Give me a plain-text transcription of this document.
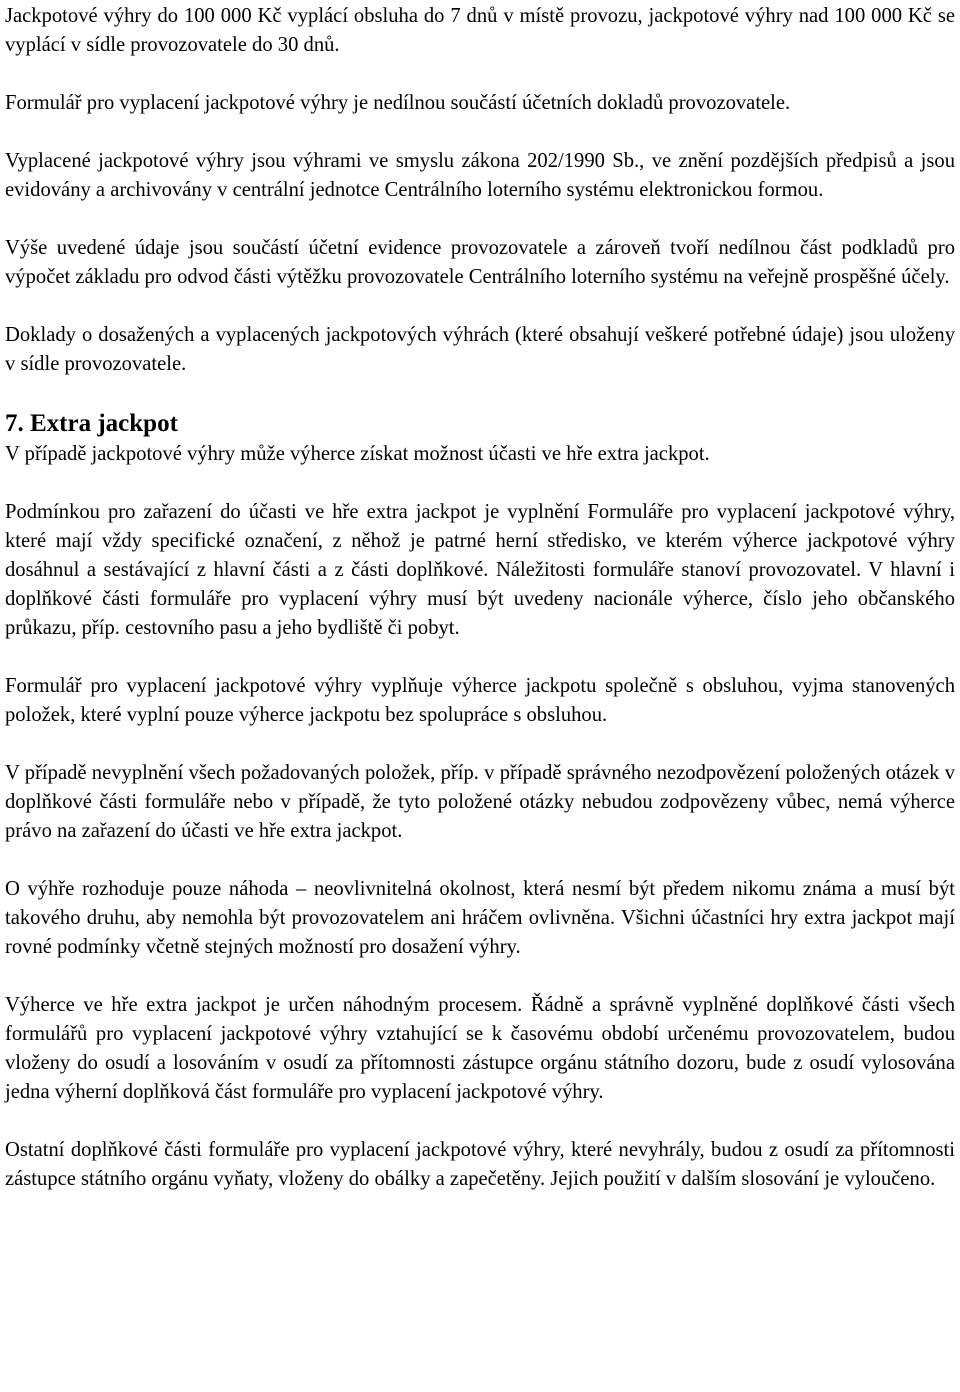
Jackpotové výhry do 100 000 Kč vyplácí obsluha do 7 dnů v místě provozu, jackpotové výhry nad 100 000 Kč se vyplácí v sídle provozovatele do 30 dnů.

Formulář pro vyplacení jackpotové výhry je nedílnou součástí účetních dokladů provozovatele.

Vyplacené jackpotové výhry jsou výhrami ve smyslu zákona 202/1990 Sb., ve znění pozdějších předpisů a jsou evidovány a archivovány v centrální jednotce Centrálního loterního systému elektronickou formou.

Výše uvedené údaje jsou součástí účetní evidence provozovatele a zároveň tvoří nedílnou část podkladů pro výpočet základu pro odvod části výtěžku provozovatele Centrálního loterního systému na veřejně prospěšné účely.

Doklady o dosažených a vyplacených jackpotových výhrách (které obsahují veškeré potřebné údaje) jsou uloženy v sídle provozovatele.

7. Extra jackpot

V případě jackpotové výhry může výherce získat možnost účasti ve hře extra jackpot.

Podmínkou pro zařazení do účasti ve hře extra jackpot je vyplnění Formuláře pro vyplacení jackpotové výhry, které mají vždy specifické označení, z něhož je patrné herní středisko, ve kterém výherce jackpotové výhry dosáhnul a sestávající z hlavní části a z části doplňkové. Náležitosti formuláře stanoví provozovatel. V hlavní i doplňkové části formuláře pro vyplacení výhry musí být uvedeny nacionále výherce, číslo jeho občanského průkazu, příp. cestovního pasu a jeho bydliště či pobyt.

Formulář pro vyplacení jackpotové výhry vyplňuje výherce jackpotu společně s obsluhou, vyjma stanovených položek, které vyplní pouze výherce jackpotu bez spolupráce s obsluhou.

V případě nevyplnění všech požadovaných položek, příp. v případě správného nezodpovězení položených otázek v doplňkové části formuláře nebo v případě, že tyto položené otázky nebudou zodpovězeny vůbec, nemá výherce právo na zařazení do účasti ve hře extra jackpot.

O výhře rozhoduje pouze náhoda – neovlivnitelná okolnost, která nesmí být předem nikomu známa a musí být takového druhu, aby nemohla být provozovatelem ani hráčem ovlivněna. Všichni účastníci hry extra jackpot mají rovné podmínky včetně stejných možností pro dosažení výhry.

Výherce ve hře extra jackpot je určen náhodným procesem. Řádně a správně vyplněné doplňkové části všech formulářů pro vyplacení jackpotové výhry vztahující se k časovému období určenému provozovatelem, budou vloženy do osudí a losováním v osudí za přítomnosti zástupce orgánu státního dozoru, bude z osudí vylosována jedna výherní doplňková část formuláře pro vyplacení jackpotové výhry.

Ostatní doplňkové části formuláře pro vyplacení jackpotové výhry, které nevyhrály, budou z osudí za přítomnosti zástupce státního orgánu vyňaty, vloženy do obálky a zapečetěny. Jejich použití v dalším slosování je vyloučeno.
